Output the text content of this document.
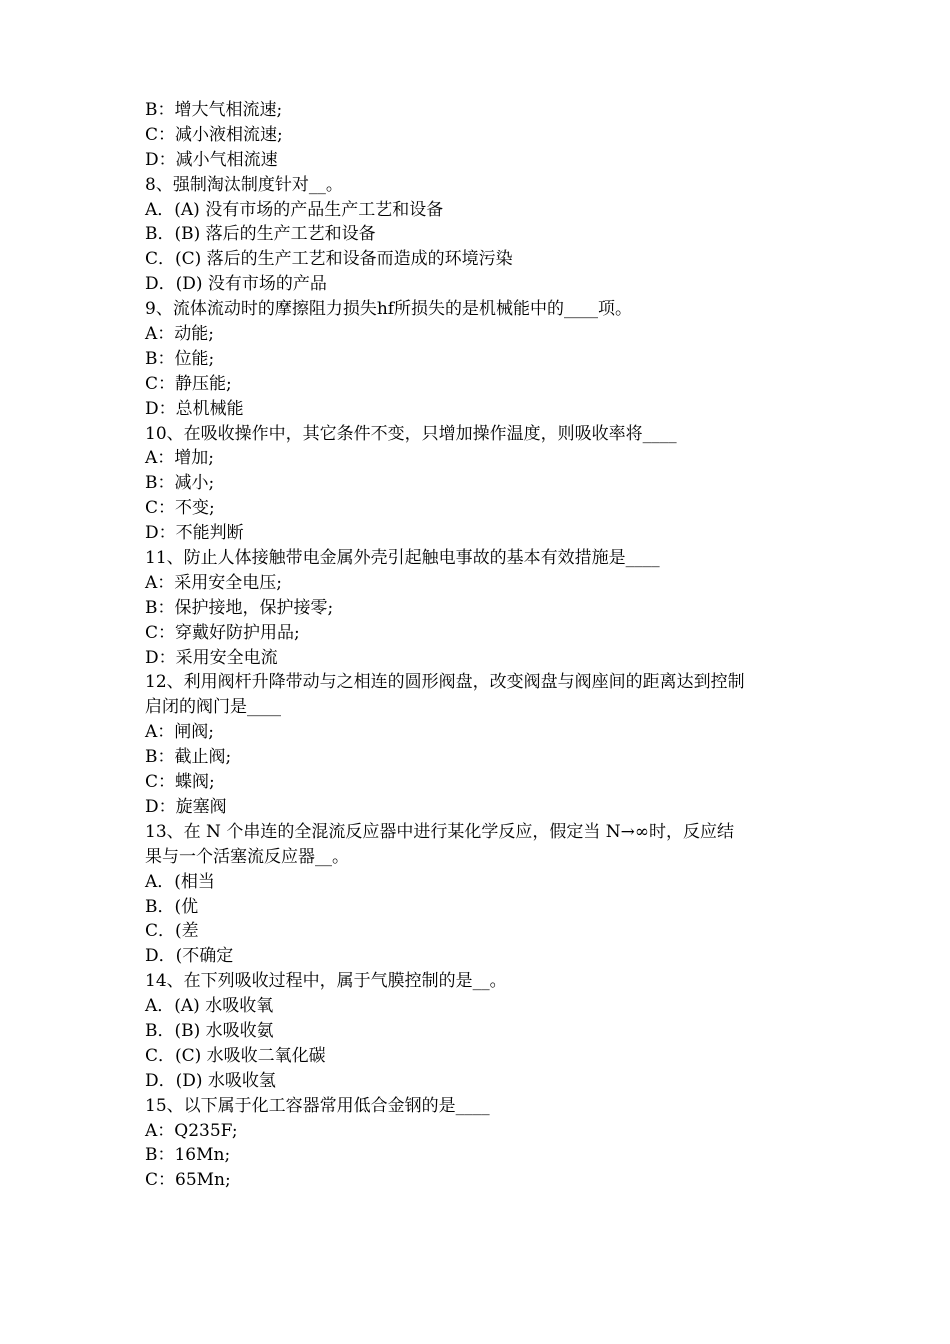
B：增大气相流速;
C：减小液相流速;
D：减小气相流速
8、强制淘汰制度针对__。
A．(A) 没有市场的产品生产工艺和设备
B．(B) 落后的生产工艺和设备
C．(C) 落后的生产工艺和设备而造成的环境污染
D．(D) 没有市场的产品
9、流体流动时的摩擦阻力损失hf所损失的是机械能中的____项。
A：动能;
B：位能;
C：静压能;
D：总机械能
10、在吸收操作中，其它条件不变，只增加操作温度，则吸收率将____
A：增加;
B：减小;
C：不变;
D：不能判断
11、防止人体接触带电金属外壳引起触电事故的基本有效措施是____
A：采用安全电压;
B：保护接地，保护接零;
C：穿戴好防护用品;
D：采用安全电流
12、利用阀杆升降带动与之相连的圆形阀盘，改变阀盘与阀座间的距离达到控制
启闭的阀门是____
A：闸阀;
B：截止阀;
C：蝶阀;
D：旋塞阀
13、在 N 个串连的全混流反应器中进行某化学反应，假定当 N→∞时，反应结
果与一个活塞流反应器__。
A．(相当
B．(优
C．(差
D．(不确定
14、在下列吸收过程中，属于气膜控制的是__。
A．(A) 水吸收氧
B．(B) 水吸收氨
C．(C) 水吸收二氧化碳
D．(D) 水吸收氢
15、以下属于化工容器常用低合金钢的是____
A：Q235F;
B：16Mn;
C：65Mn;
